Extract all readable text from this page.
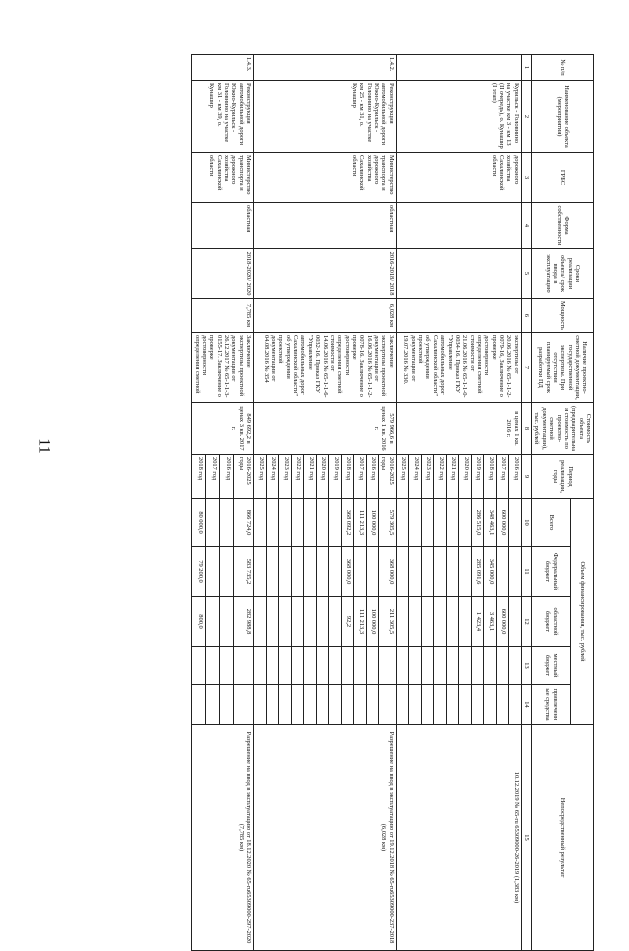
11
№ п/п	Наименование объекта (мероприятия)	ГРБС	Форма собственности	Сроки реализации объекта/ срок ввода в эксплуатацию	Мощность	Наличие проектно-сметной документации, государственной экспертизы. При отсутствии планируемый срок разработки ПД	Стоимость объекта (предварительная стоимость по проектно-сметной документации), тыс. рублей	Период реализации, годы	Объем финансирования, тыс. рублей					Непосредственный результат
									Всего	Федеральный бюджет	областной бюджет	местный бюджет	привлеченные средства	
1	2	3	4	5	6	7	8	9	10	11	12	13	14	15
	Курильск - Головнино на участке км 3 - км 13 (II очередь), о. Кунашир (I этап)	дорожного хозяйства Сахалинской области				экспертизы от 20.06.2016 № 65-1-1-2-0079-16, Заключение о проверке достоверности определения сметной стоимости от 21.06.2016 № 65-1-1-0-0034-16. Приказ ГКУ "Управление автомобильных дорог Сахалинской области" об утверждении проектной документации от 19.07.2016 № 330.	в ценах 1 кв. 2016 г.	2016 год						10.12.2019 № 65-ru 65309000-26-2019 (1,383 км)
								2017 год	600 000,0		600 000,0			
								2018 год	348 463,1	345 000,0	3 463,1			
								2019 год	286 515,0	285 091,6	1 423,4			
								2020 год						
								2021 год						
								2022 год						
								2023 год						
								2024 год						
								2025 год						
1.4.2.	Реконструкция автомобильной дороги Южно-Курильск - Головнино на участке км 25 - км 31, о. Кунашир	Министерство транспорта и дорожного хозяйства Сахалинской области	областная	2016-2018/ 2018	6,028 км	Заключение экспертизы проектной документации от 16.06.2016 № 65-1-1-2-0078-16. Заключение о проверке достоверности определения сметной стоимости от 14.06.2016 № 65-1-1-6-0032-16. Приказ ГКУ "Управление автомобильных дорог Сахалинской области" об утверждении проектной документации от 04.08.2016 № 354	579 966,6 в ценах 1 кв. 2016 г.	2016-2025 годы	579 305,5	368 000,0	211 305,5			Разрешение на ввод в эксплуатацию от 19.12.2018 № 65-ru65309000-237-2018 (6,028 км)
								2016 год	100 000,0		100 000,0			
								2017 год	111 213,3		111 213,3			
								2018 год	368 092,2	368 000,0	92,2			
								2019 год						
								2020 год						
								2021 год						
								2022 год						
								2023 год						
								2024 год						
								2025 год						
1.4.3.	Реконструкция автомобильной дороги Южно-Курильск - Головнино на участке км 31 - км 39, о. Кунашир	Министерство транспорта и дорожного хозяйства Сахалинской области	областная	2018-2020/ 2020	7,785 км	Заключение экспертизы проектной документации от 26.12.2017 № 65-1-1-3-0155-17. Заключение о проверке достоверности определения сметной	849 692,2 в ценах 3 кв. 2017 г.	2016-2025 годы	866 724,0	583 735,2	282 988,8			Разрешение на ввод в эксплуатацию от 18.12.2020 № 65-ru65309000-297-2020 (7,785 км)
								2016 год						
								2017 год						
								2018 год	80 000,0	79 200,0	800,0			
